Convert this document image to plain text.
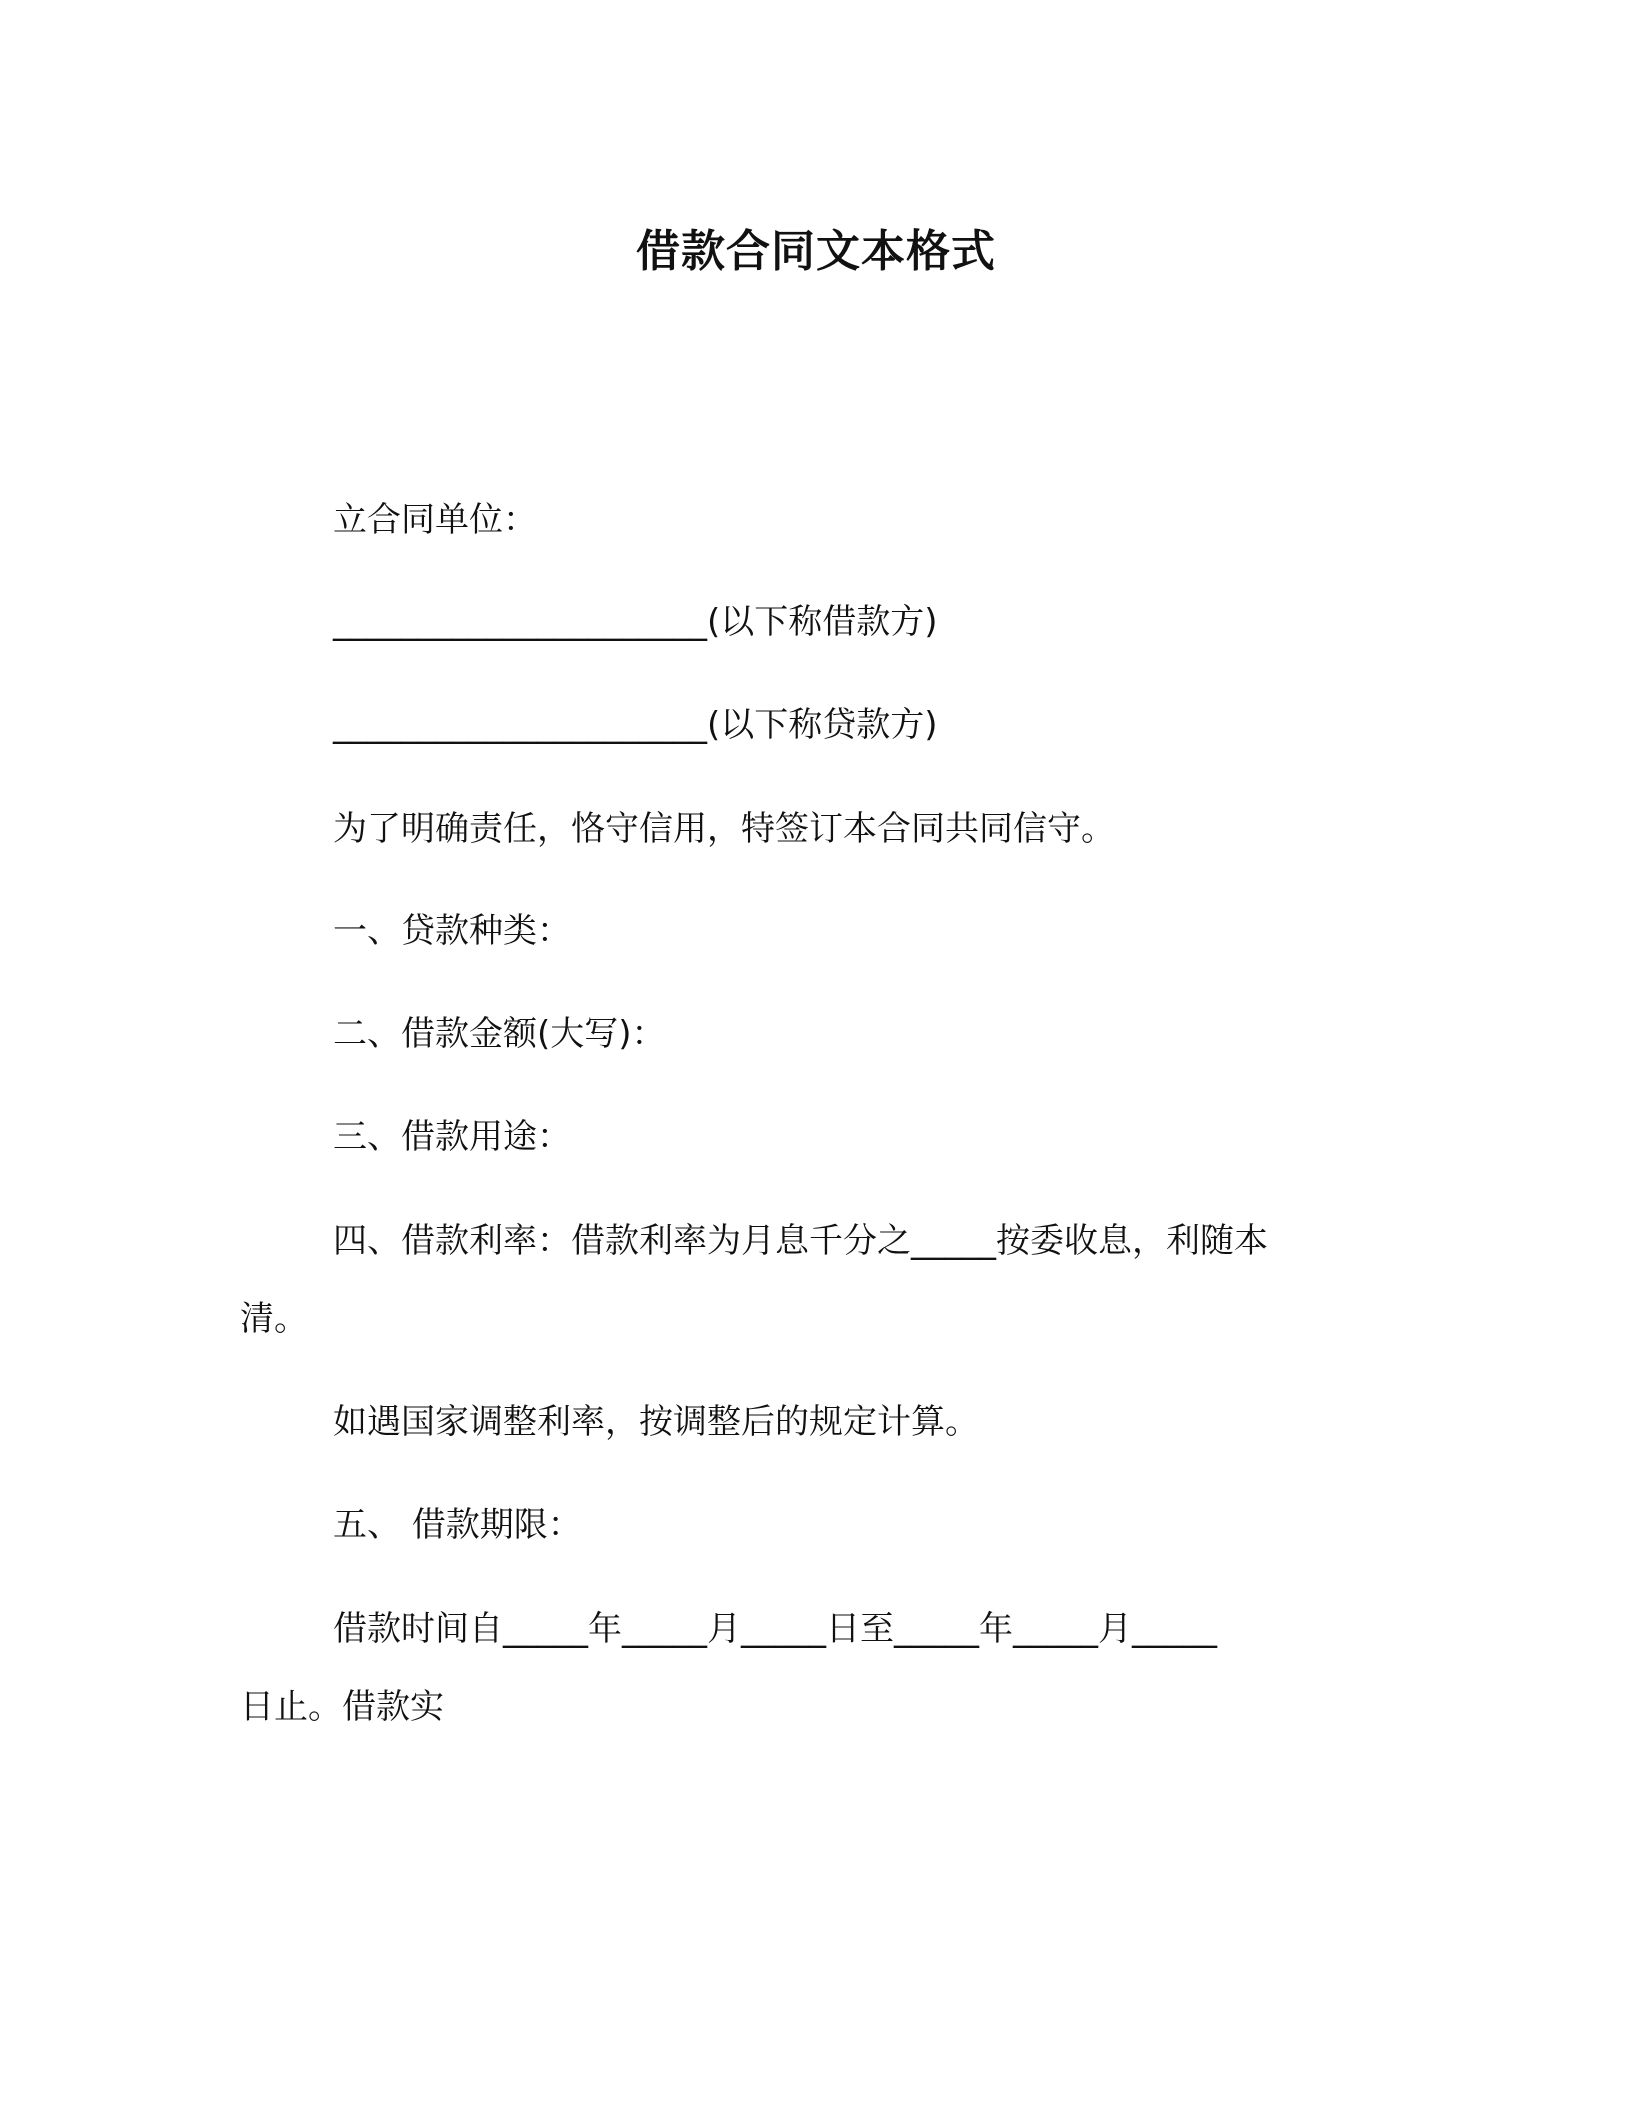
借款合同文本格式
立合同单位：
______________________(以下称借款方)
______________________(以下称贷款方)
为了明确责任，恪守信用，特签订本合同共同信守。
一、贷款种类：
二、借款金额(大写)：
三、借款用途：
四、借款利率：借款利率为月息千分之_____按委收息，利随本
清。
如遇国家调整利率，按调整后的规定计算。
五、 借款期限：
借款时间自_____年_____月_____日至_____年_____月_____
日止。借款实
